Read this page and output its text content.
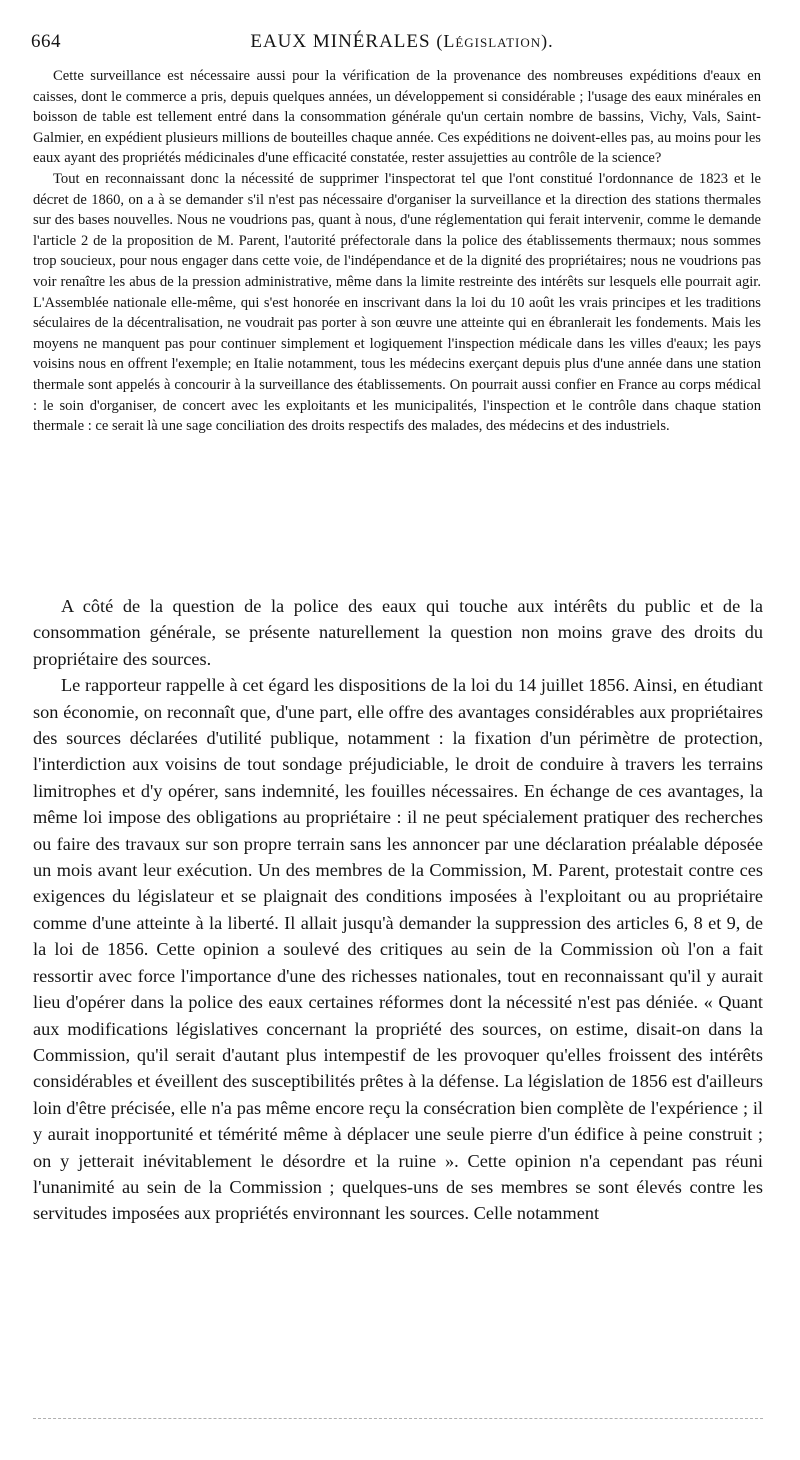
664	EAUX MINÉRALES (Législation).

Cette surveillance est nécessaire aussi pour la vérification de la provenance des nombreuses expéditions d'eaux en caisses, dont le commerce a pris, depuis quelques années, un développement si considérable ; l'usage des eaux minérales en boisson de table est tellement entré dans la consommation générale qu'un certain nombre de bassins, Vichy, Vals, Saint-Galmier, en expédient plusieurs millions de bouteilles chaque année. Ces expéditions ne doivent-elles pas, au moins pour les eaux ayant des propriétés médicinales d'une efficacité constatée, rester assujetties au contrôle de la science?

Tout en reconnaissant donc la nécessité de supprimer l'inspectorat tel que l'ont constitué l'ordonnance de 1823 et le décret de 1860, on a à se demander s'il n'est pas nécessaire d'organiser la surveillance et la direction des stations thermales sur des bases nouvelles. Nous ne voudrions pas, quant à nous, d'une réglementation qui ferait intervenir, comme le demande l'article 2 de la proposition de M. Parent, l'autorité préfectorale dans la police des établissements thermaux; nous sommes trop soucieux, pour nous engager dans cette voie, de l'indépendance et de la dignité des propriétaires; nous ne voudrions pas voir renaître les abus de la pression administrative, même dans la limite restreinte des intérêts sur lesquels elle pourrait agir. L'Assemblée nationale elle-même, qui s'est honorée en inscrivant dans la loi du 10 août les vrais principes et les traditions séculaires de la décentralisation, ne voudrait pas porter à son œuvre une atteinte qui en ébranlerait les fondements. Mais les moyens ne manquent pas pour continuer simplement et logiquement l'inspection médicale dans les villes d'eaux; les pays voisins nous en offrent l'exemple; en Italie notamment, tous les médecins exerçant depuis plus d'une année dans une station thermale sont appelés à concourir à la surveillance des établissements. On pourrait aussi confier en France au corps médical : le soin d'organiser, de concert avec les exploitants et les municipalités, l'inspection et le contrôle dans chaque station thermale : ce serait là une sage conciliation des droits respectifs des malades, des médecins et des industriels.

A côté de la question de la police des eaux qui touche aux intérêts du public et de la consommation générale, se présente naturellement la question non moins grave des droits du propriétaire des sources.

Le rapporteur rappelle à cet égard les dispositions de la loi du 14 juillet 1856. Ainsi, en étudiant son économie, on reconnaît que, d'une part, elle offre des avantages considérables aux propriétaires des sources déclarées d'utilité publique, notamment : la fixation d'un périmètre de protection, l'interdiction aux voisins de tout sondage préjudiciable, le droit de conduire à travers les terrains limitrophes et d'y opérer, sans indemnité, les fouilles nécessaires. En échange de ces avantages, la même loi impose des obligations au propriétaire : il ne peut spécialement pratiquer des recherches ou faire des travaux sur son propre terrain sans les annoncer par une déclaration préalable déposée un mois avant leur exécution. Un des membres de la Commission, M. Parent, protestait contre ces exigences du législateur et se plaignait des conditions imposées à l'exploitant ou au propriétaire comme d'une atteinte à la liberté. Il allait jusqu'à demander la suppression des articles 6, 8 et 9, de la loi de 1856. Cette opinion a soulevé des critiques au sein de la Commission où l'on a fait ressortir avec force l'importance d'une des richesses nationales, tout en reconnaissant qu'il y aurait lieu d'opérer dans la police des eaux certaines réformes dont la nécessité n'est pas déniée. « Quant aux modifications législatives concernant la propriété des sources, on estime, disait-on dans la Commission, qu'il serait d'autant plus intempestif de les provoquer qu'elles froissent des intérêts considérables et éveillent des susceptibilités prêtes à la défense. La législation de 1856 est d'ailleurs loin d'être précisée, elle n'a pas même encore reçu la consécration bien complète de l'expérience ; il y aurait inopportunité et témérité même à déplacer une seule pierre d'un édifice à peine construit ; on y jetterait inévitablement le désordre et la ruine ». Cette opinion n'a cependant pas réuni l'unanimité au sein de la Commission ; quelques-uns de ses membres se sont élevés contre les servitudes imposées aux propriétés environnant les sources. Celle notamment
